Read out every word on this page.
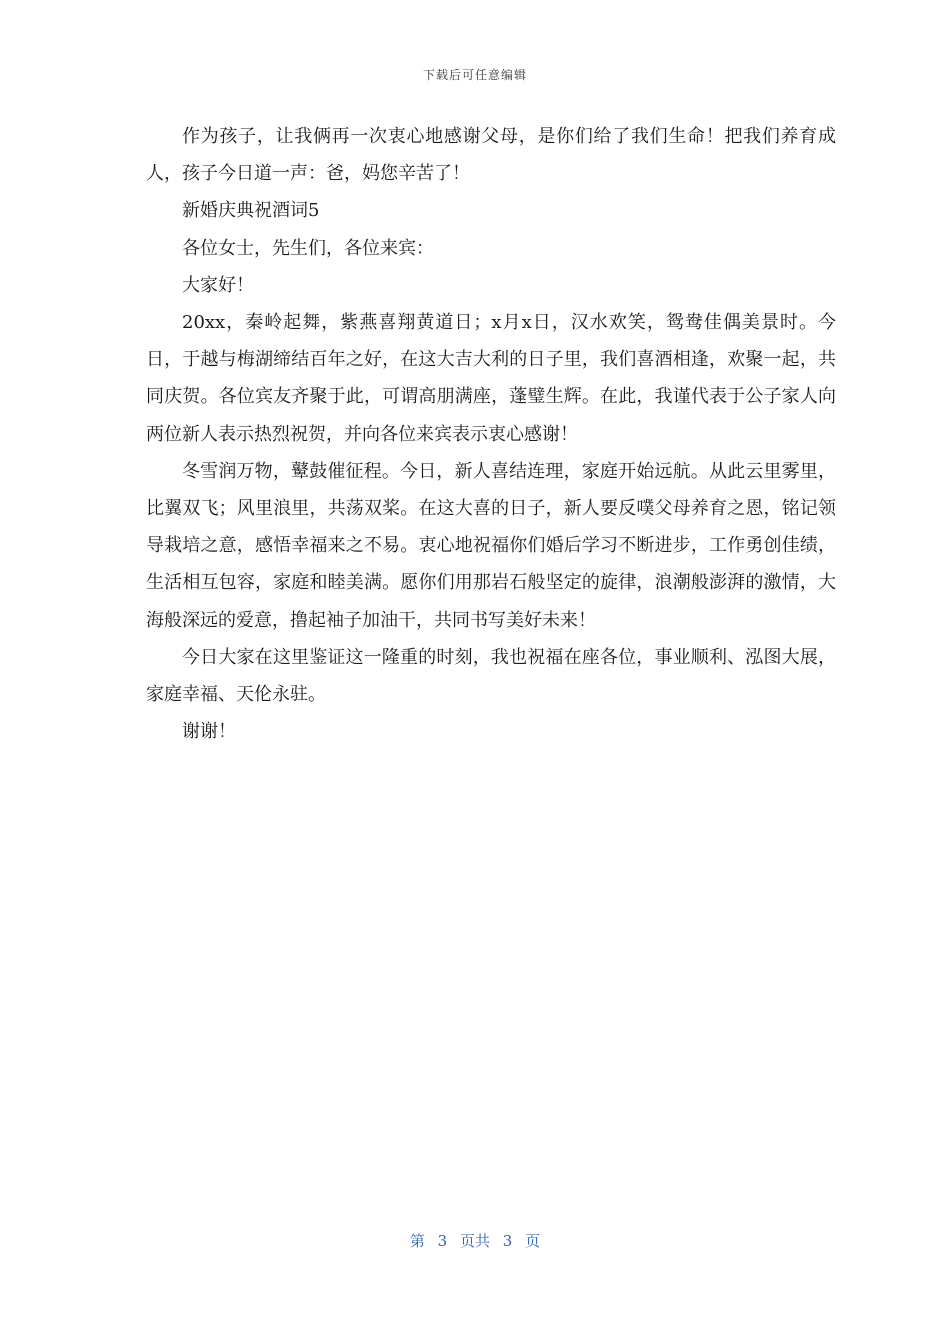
下载后可任意编辑

作为孩子，让我俩再一次衷心地感谢父母，是你们给了我们生命！把我们养育成人，孩子今日道一声：爸，妈您辛苦了！

新婚庆典祝酒词5

各位女士，先生们，各位来宾：

大家好！

20xx，秦岭起舞，紫燕喜翔黄道日；x月x日，汉水欢笑，鸳鸯佳偶美景时。今日，于越与梅湖缔结百年之好，在这大吉大利的日子里，我们喜酒相逢，欢聚一起，共同庆贺。各位宾友齐聚于此，可谓高朋满座，蓬璧生辉。在此，我谨代表于公子家人向两位新人表示热烈祝贺，并向各位来宾表示衷心感谢！

冬雪润万物，鼙鼓催征程。今日，新人喜结连理，家庭开始远航。从此云里雾里，比翼双飞；风里浪里，共荡双桨。在这大喜的日子，新人要反噗父母养育之恩，铭记领导栽培之意，感悟幸福来之不易。衷心地祝福你们婚后学习不断进步，工作勇创佳绩，生活相互包容，家庭和睦美满。愿你们用那岩石般坚定的旋律，浪潮般澎湃的激情，大海般深远的爱意，撸起袖子加油干，共同书写美好未来！

今日大家在这里鉴证这一隆重的时刻，我也祝福在座各位，事业顺利、泓图大展，家庭幸福、天伦永驻。

谢谢！

第 3 页共 3 页
